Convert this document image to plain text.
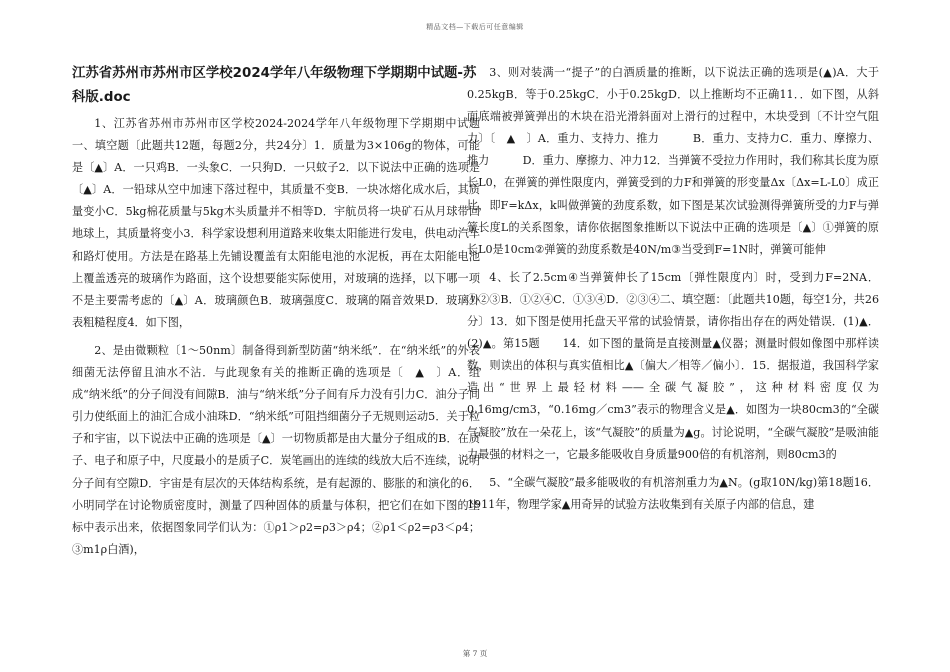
精品文档—下载后可任意编辑
江苏省苏州市苏州市区学校2024学年八年级物理下学期期中试题-苏科版.doc

1、江苏省苏州市苏州市区学校2024-2024学年八年级物理下学期期中试题一、填空题〔此题共12题，每题2分，共24分〕1．质量为3×106g的物体，可能是〔▲〕A．一只鸡B．一头象C．一只狗D．一只蚊子2．以下说法中正确的选项是〔▲〕A．一铅球从空中加速下落过程中，其质量不变B．一块冰熔化成水后，其质量变小C．5kg棉花质量与5kg木头质量并不相等D．宇航员将一块矿石从月球带回地球上，其质量将变小3．科学家设想利用道路来收集太阳能进行发电，供电动汽车和路灯使用。方法是在路基上先铺设覆盖有太阳能电池的水泥板，再在太阳能电池上覆盖透亮的玻璃作为路面，这个设想要能实际使用，对玻璃的选择，以下哪一项不是主要需考虑的〔▲〕A．玻璃颜色B．玻璃强度C．玻璃的隔音效果D．玻璃外表粗糙程度4．如下图，

2、是由微颗粒〔1～50nm〕制备得到新型防菌“纳米纸”．在“纳米纸”的外表细菌无法停留且油水不沾．与此现象有关的推断正确的选项是〔　▲　〕A．组成“纳米纸”的分子间没有间隙B．油与“纳米纸”分子间有斥力没有引力C．油分子间引力使纸面上的油汇合成小油珠D．“纳米纸”可阻挡细菌分子无规则运动5．关于粒子和宇宙，以下说法中正确的选项是〔▲〕一切物质都是由大量分子组成的B．在质子、电子和原子中，尺度最小的是质子C．炭笔画出的连续的线放大后不连续，说明分子间有空隙D．宇宙是有层次的天体结构系统，是有起源的、膨胀的和演化的6．小明同学在讨论物质密度时，测量了四种固体的质量与体积，把它们在如下图的坐标中表示出来，依据图象同学们认为：①ρ1＞ρ2=ρ3＞ρ4；②ρ1＜ρ2=ρ3＜ρ4；③m1ρ白酒)，

3、则对装满一“提子”的白酒质量的推断，以下说法正确的选项是(▲)A．大于0.25kgB．等于0.25kgC．小于0.25kgD．以上推断均不正确11．．如下图，从斜面底端被弹簧弹出的木块在沿光滑斜面对上滑行的过程中，木块受到〔不计空气阻力〕〔　▲　〕A．重力、支持力、推力　　　B．重力、支持力C．重力、摩擦力、推力　　　D．重力、摩擦力、冲力12．当弹簧不受拉力作用时，我们称其长度为原长L0，在弹簧的弹性限度内，弹簧受到的力F和弹簧的形变量Δx〔Δx=L-L0〕成正比，即F=kΔx，k叫做弹簧的劲度系数，如下图是某次试验测得弹簧所受的力F与弹簧长度L的关系图象，请你依据图象推断以下说法中正确的选项是〔▲〕①弹簧的原长L0是10cm②弹簧的劲度系数是40N/m③当受到F=1N时，弹簧可能伸

4、长了2.5cm④当弹簧伸长了15cm〔弹性限度内〕时，受到力F=2NA．①②③B．①②④C．①③④D．②③④二、填空题：〔此题共10题，每空1分，共26分〕13．如下图是使用托盘天平常的试验情景，请你指出存在的两处错误．(1)▲．(2)▲。第15题　　14．如下图的量筒是直接测量▲仪器；测量时假如像图中那样读数，则读出的体积与真实值相比▲〔偏大／相等／偏小〕．15．据报道，我国科学家造出“世界上最轻材料——全碳气凝胶”，这种材料密度仅为0.16mg/cm3，“0.16mg／cm3”表示的物理含义是▲．如图为一块80cm3的“全碳气凝胶”放在一朵花上，该“气凝胶”的质量为▲g。讨论说明，“全碳气凝胶”是吸油能力最强的材料之一，它最多能吸收自身质量900倍的有机溶剂，则80cm3的

5、“全碳气凝胶”最多能吸收的有机溶剂重力为▲N。(g取10N/kg)第18题16．1911年，物理学家▲用奇异的试验方法收集到有关原子内部的信息，建

第 7 页
